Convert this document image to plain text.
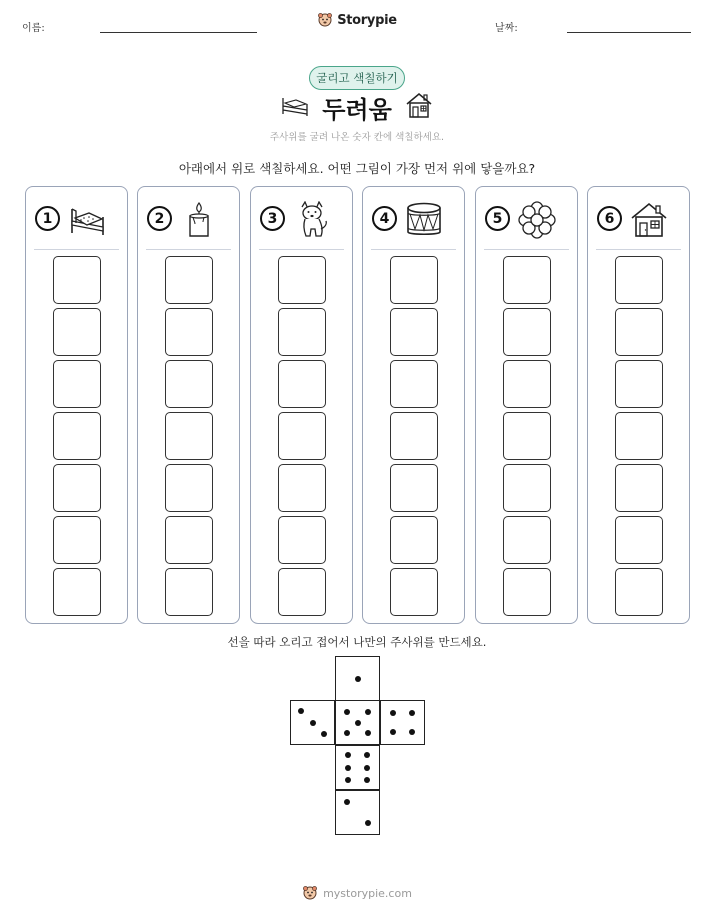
이름:
Storypie
날짜:
굴리고 색칠하기
두려움
주사위를 굴려 나온 숫자 칸에 색칠하세요.
아래에서 위로 색칠하세요. 어떤 그림이 가장 먼저 위에 닿을까요?
1	2	3	4	5	6
선을 따라 오리고 접어서 나만의 주사위를 만드세요.
mystorypie.com
